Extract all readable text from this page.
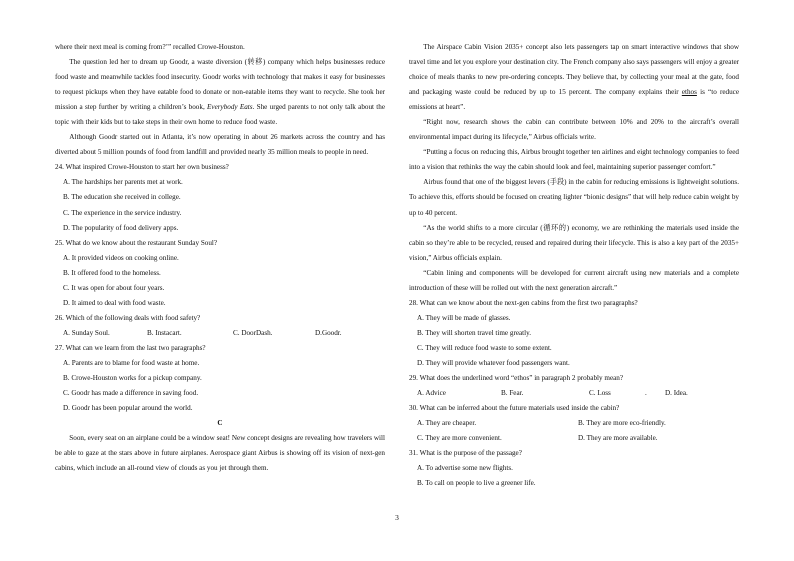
where their next meal is coming from?’” recalled Crowe-Houston.

The question led her to dream up Goodr, a waste diversion (转移) company which helps businesses reduce food waste and meanwhile tackles food insecurity. Goodr works with technology that makes it easy for businesses to request pickups when they have eatable food to donate or non-eatable items they want to recycle. She took her mission a step further by writing a children’s book, Everybody Eats. She urged parents to not only talk about the topic with their kids but to take steps in their own home to reduce food waste.

Although Goodr started out in Atlanta, it’s now operating in about 26 markets across the country and has diverted about 5 million pounds of food from landfill and provided nearly 35 million meals to people in need.

24. What inspired Crowe-Houston to start her own business?

A. The hardships her parents met at work.

B. The education she received in college.

C. The experience in the service industry.

D. The popularity of food delivery apps.

25. What do we know about the restaurant Sunday Soul?

A. It provided videos on cooking online.

B. It offered food to the homeless.

C. It was open for about four years.

D. It aimed to deal with food waste.

26. Which of the following deals with food safety?

A. Sunday Soul.	B. Instacart.	C. DoorDash.	D.Goodr.

27. What can we learn from the last two paragraphs?

A. Parents are to blame for food waste at home.

B. Crowe-Houston works for a pickup company.

C. Goodr has made a difference in saving food.

D. Goodr has been popular around the world.

C

Soon, every seat on an airplane could be a window seat! New concept designs are revealing how travelers will be able to gaze at the stars above in future airplanes. Aerospace giant Airbus is showing off its vision of next-gen cabins, which include an all-round view of clouds as you jet through them.

The Airspace Cabin Vision 2035+ concept also lets passengers tap on smart interactive windows that show travel time and let you explore your destination city. The French company also says passengers will enjoy a greater choice of meals thanks to new pre-ordering concepts. They believe that, by collecting your meal at the gate, food and packaging waste could be reduced by up to 15 percent. The company explains their ethos is “to reduce emissions at heart”.

“Right now, research shows the cabin can contribute between 10% and 20% to the aircraft’s overall environmental impact during its lifecycle,” Airbus officials write.

“Putting a focus on reducing this, Airbus brought together ten airlines and eight technology companies to feed into a vision that rethinks the way the cabin should look and feel, maintaining superior passenger comfort.”

Airbus found that one of the biggest levers (手段) in the cabin for reducing emissions is lightweight solutions. To achieve this, efforts should be focused on creating lighter “bionic designs” that will help reduce cabin weight by up to 40 percent.

“As the world shifts to a more circular (循环的) economy, we are rethinking the materials used inside the cabin so they’re able to be recycled, reused and repaired during their lifecycle. This is also a key part of the 2035+ vision,” Airbus officials explain.

“Cabin lining and components will be developed for current aircraft using new materials and a complete introduction of these will be rolled out with the next generation aircraft.”

28. What can we know about the next-gen cabins from the first two paragraphs?

A. They will be made of glasses.

B. They will shorten travel time greatly.

C. They will reduce food waste to some extent.

D. They will provide whatever food passengers want.

29. What does the underlined word “ethos” in paragraph 2 probably mean?

A. Advice	B. Fear.	C. Loss	.	D. Idea.

30. What can be inferred about the future materials used inside the cabin?

A. They are cheaper.	B. They are more eco-friendly.
C. They are more convenient.	D. They are more available.

31. What is the purpose of the passage?

A. To advertise some new flights.

B. To call on people to live a greener life.

3
